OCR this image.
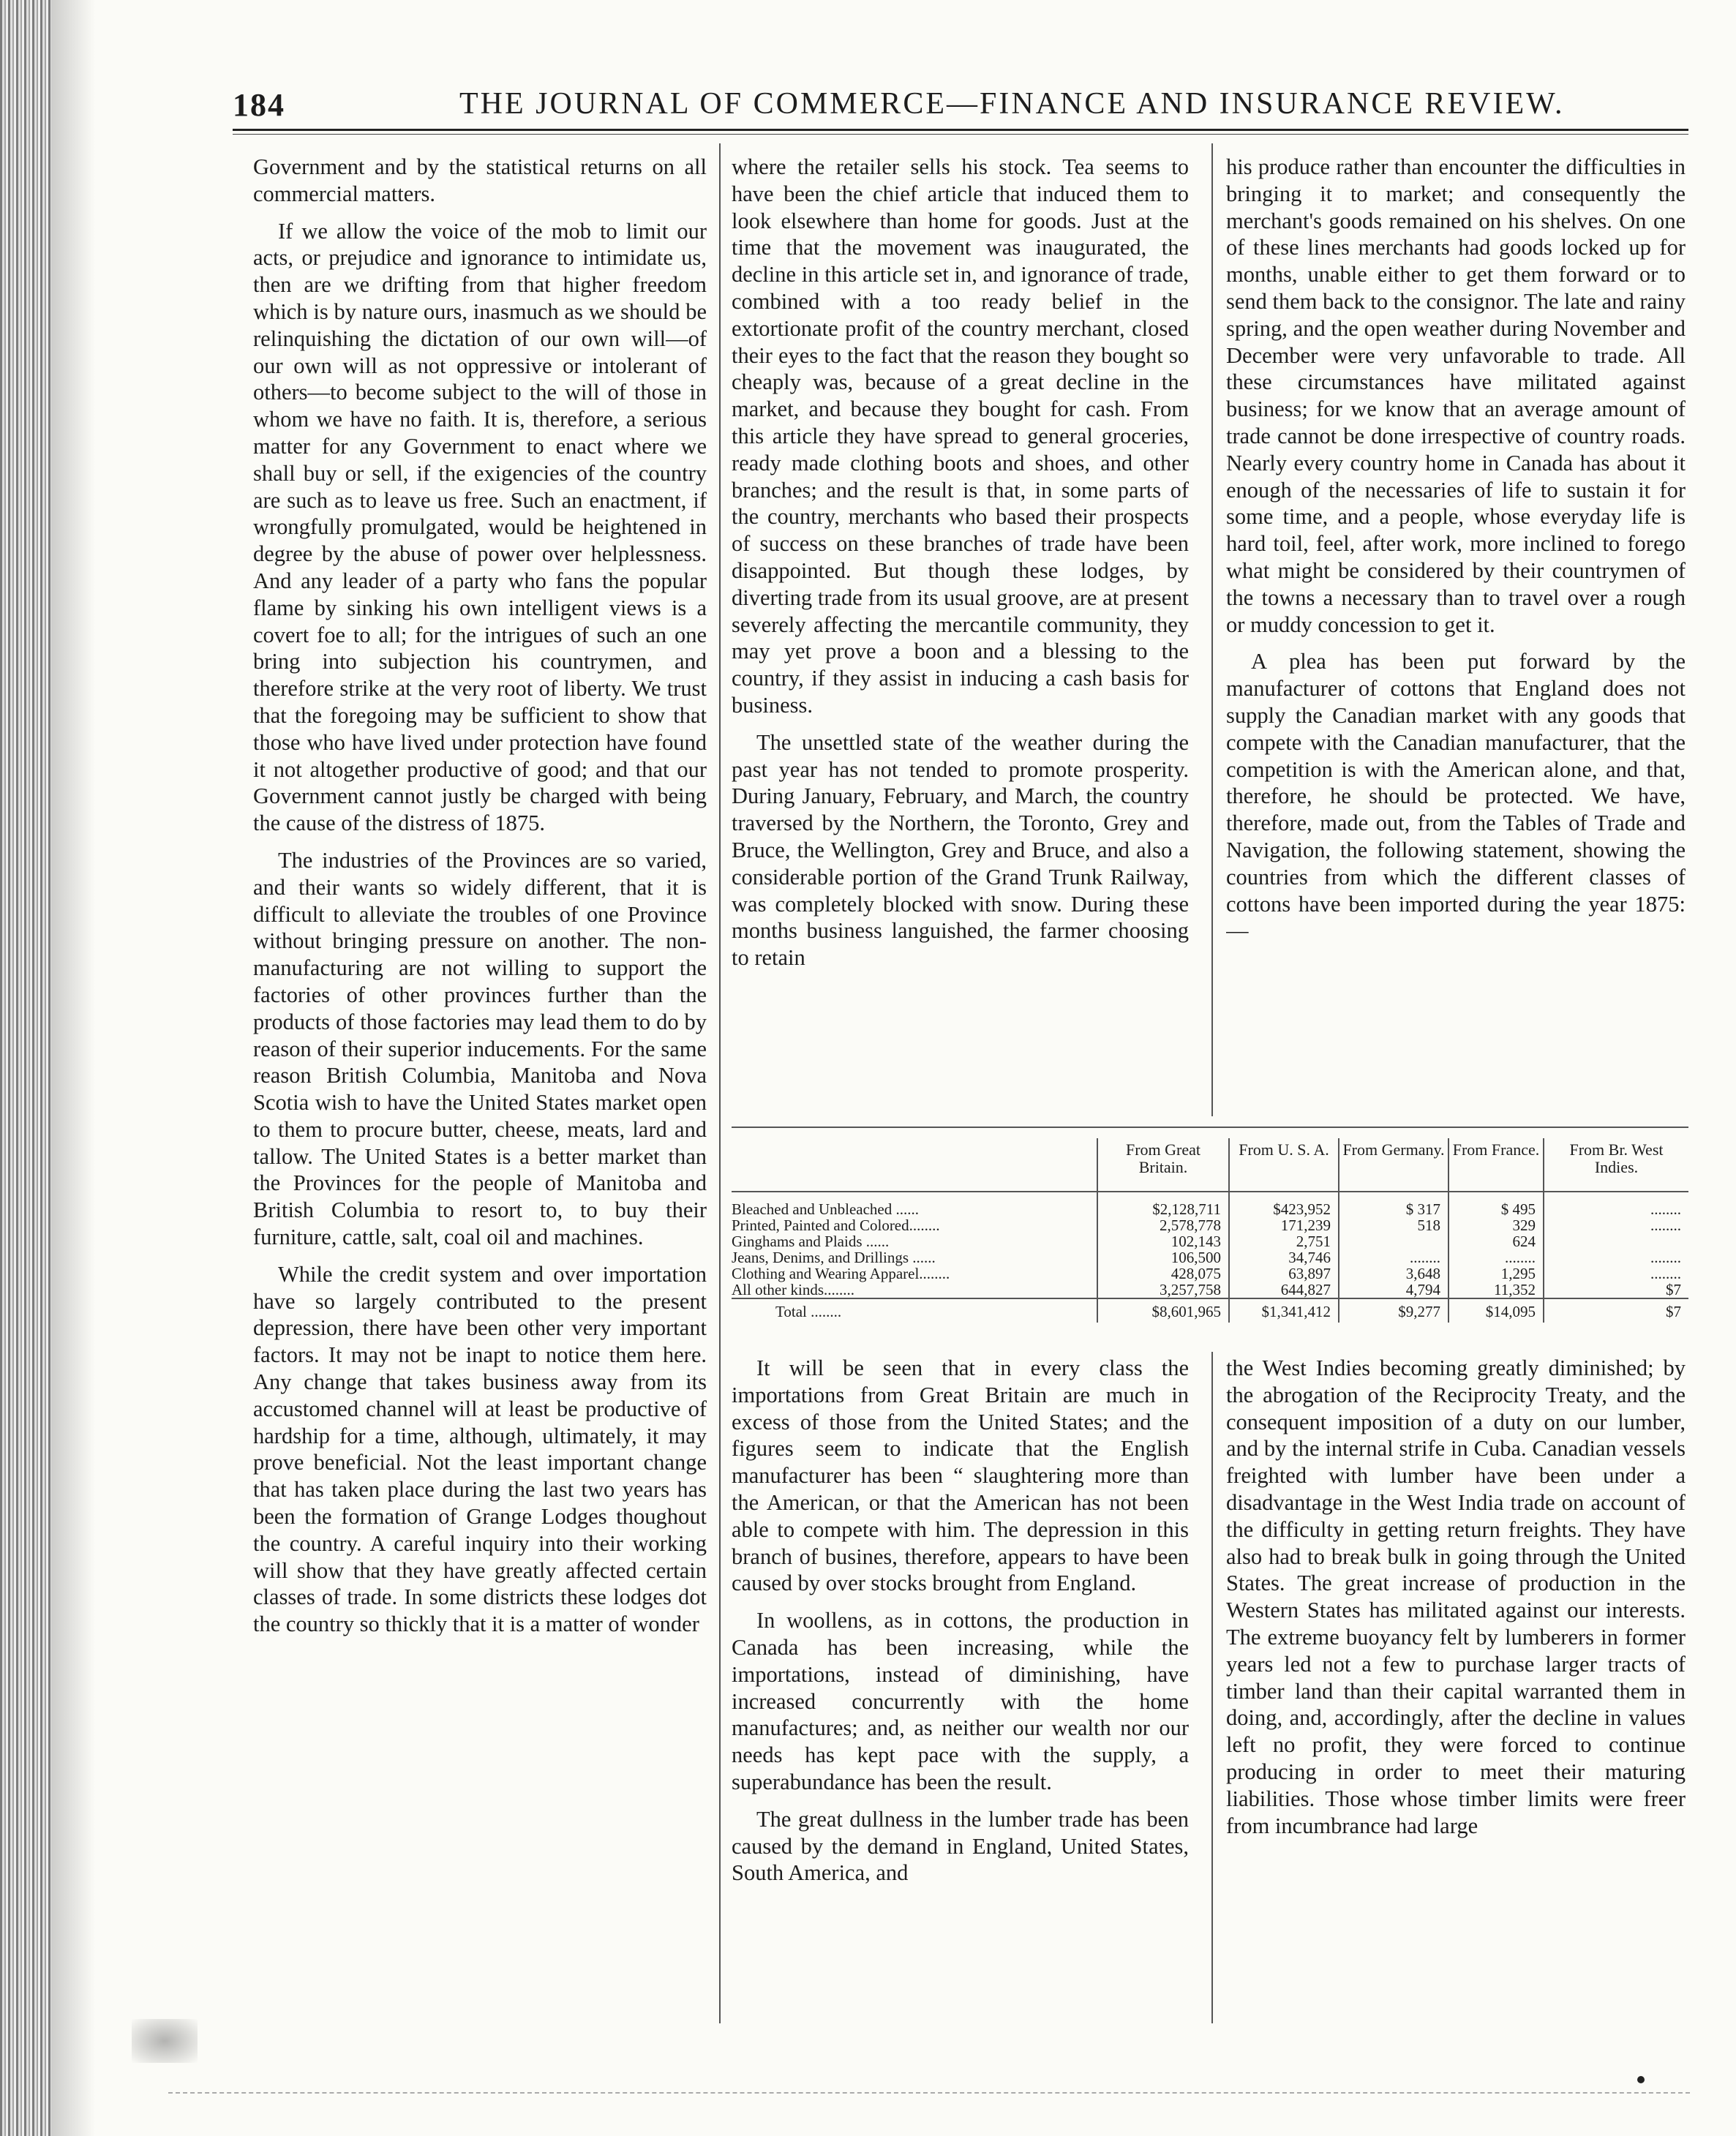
184	THE JOURNAL OF COMMERCE—FINANCE AND INSURANCE REVIEW.

Government and by the statistical returns on all commercial matters.

If we allow the voice of the mob to limit our acts, or prejudice and ignorance to intimidate us, then are we drifting from that higher freedom which is by nature ours, inasmuch as we should be relinquishing the dictation of our own will—of our own will as not oppressive or intolerant of others—to become subject to the will of those in whom we have no faith. It is, therefore, a serious matter for any Government to enact where we shall buy or sell, if the exigencies of the country are such as to leave us free. Such an enactment, if wrongfully promulgated, would be heightened in degree by the abuse of power over helplessness. And any leader of a party who fans the popular flame by sinking his own intelligent views is a covert foe to all; for the intrigues of such an one bring into subjection his countrymen, and therefore strike at the very root of liberty. We trust that the foregoing may be sufficient to show that those who have lived under protection have found it not altogether productive of good; and that our Government cannot justly be charged with being the cause of the distress of 1875.

The industries of the Provinces are so varied, and their wants so widely different, that it is difficult to alleviate the troubles of one Province without bringing pressure on another. The non-manufacturing are not willing to support the factories of other provinces further than the products of those factories may lead them to do by reason of their superior inducements. For the same reason British Columbia, Manitoba and Nova Scotia wish to have the United States market open to them to procure butter, cheese, meats, lard and tallow. The United States is a better market than the Provinces for the people of Manitoba and British Columbia to resort to, to buy their furniture, cattle, salt, coal oil and machines.

While the credit system and over importation have so largely contributed to the present depression, there have been other very important factors. It may not be inapt to notice them here. Any change that takes business away from its accustomed channel will at least be productive of hardship for a time, although, ultimately, it may prove beneficial. Not the least important change that has taken place during the last two years has been the formation of Grange Lodges thoughout the country. A careful inquiry into their working will show that they have greatly affected certain classes of trade. In some districts these lodges dot the country so thickly that it is a matter of wonder

where the retailer sells his stock. Tea seems to have been the chief article that induced them to look elsewhere than home for goods. Just at the time that the movement was inaugurated, the decline in this article set in, and ignorance of trade, combined with a too ready belief in the extortionate profit of the country merchant, closed their eyes to the fact that the reason they bought so cheaply was, because of a great decline in the market, and because they bought for cash. From this article they have spread to general groceries, ready made clothing boots and shoes, and other branches; and the result is that, in some parts of the country, merchants who based their prospects of success on these branches of trade have been disappointed. But though these lodges, by diverting trade from its usual groove, are at present severely affecting the mercantile community, they may yet prove a boon and a blessing to the country, if they assist in inducing a cash basis for business.

The unsettled state of the weather during the past year has not tended to promote prosperity. During January, February, and March, the country traversed by the Northern, the Toronto, Grey and Bruce, the Wellington, Grey and Bruce, and also a considerable portion of the Grand Trunk Railway, was completely blocked with snow. During these months business languished, the farmer choosing to retain

his produce rather than encounter the difficulties in bringing it to market; and consequently the merchant's goods remained on his shelves. On one of these lines merchants had goods locked up for months, unable either to get them forward or to send them back to the consignor. The late and rainy spring, and the open weather during November and December were very unfavorable to trade. All these circumstances have militated against business; for we know that an average amount of trade cannot be done irrespective of country roads. Nearly every country home in Canada has about it enough of the necessaries of life to sustain it for some time, and a people, whose everyday life is hard toil, feel, after work, more inclined to forego what might be considered by their countrymen of the towns a necessary than to travel over a rough or muddy concession to get it.

A plea has been put forward by the manufacturer of cottons that England does not supply the Canadian market with any goods that compete with the Canadian manufacturer, that the competition is with the American alone, and that, therefore, he should be protected. We have, therefore, made out, from the Tables of Trade and Navigation, the following statement, showing the countries from which the different classes of cottons have been imported during the year 1875:—

	From Great Britain.	From U. S. A.	From Germany.	From France.	From Br. West Indies.
Bleached and Unbleached ......	$2,128,711	$423,952	$ 317	$ 495	........
Printed, Painted and Colored........	2,578,778	171,239	518	329	........
Ginghams and Plaids ......	102,143	2,751		624	
Jeans, Denims, and Drillings ......	106,500	34,746	........	........	........
Clothing and Wearing Apparel........	428,075	63,897	3,648	1,295	........
All other kinds........	3,257,758	644,827	4,794	11,352	$7
Total ........	$8,601,965	$1,341,412	$9,277	$14,095	$7

It will be seen that in every class the importations from Great Britain are much in excess of those from the United States; and the figures seem to indicate that the English manufacturer has been “ slaughtering more than the American, or that the American has not been able to compete with him. The depression in this branch of busines, therefore, appears to have been caused by over stocks brought from England.

In woollens, as in cottons, the production in Canada has been increasing, while the importations, instead of diminishing, have increased concurrently with the home manufactures; and, as neither our wealth nor our needs has kept pace with the supply, a superabundance has been the result.

The great dullness in the lumber trade has been caused by the demand in England, United States, South America, and

the West Indies becoming greatly diminished; by the abrogation of the Reciprocity Treaty, and the consequent imposition of a duty on our lumber, and by the internal strife in Cuba. Canadian vessels freighted with lumber have been under a disadvantage in the West India trade on account of the difficulty in getting return freights. They have also had to break bulk in going through the United States. The great increase of production in the Western States has militated against our interests. The extreme buoyancy felt by lumberers in former years led not a few to purchase larger tracts of timber land than their capital warranted them in doing, and, accordingly, after the decline in values left no profit, they were forced to continue producing in order to meet their maturing liabilities. Those whose timber limits were freer from incumbrance had large
